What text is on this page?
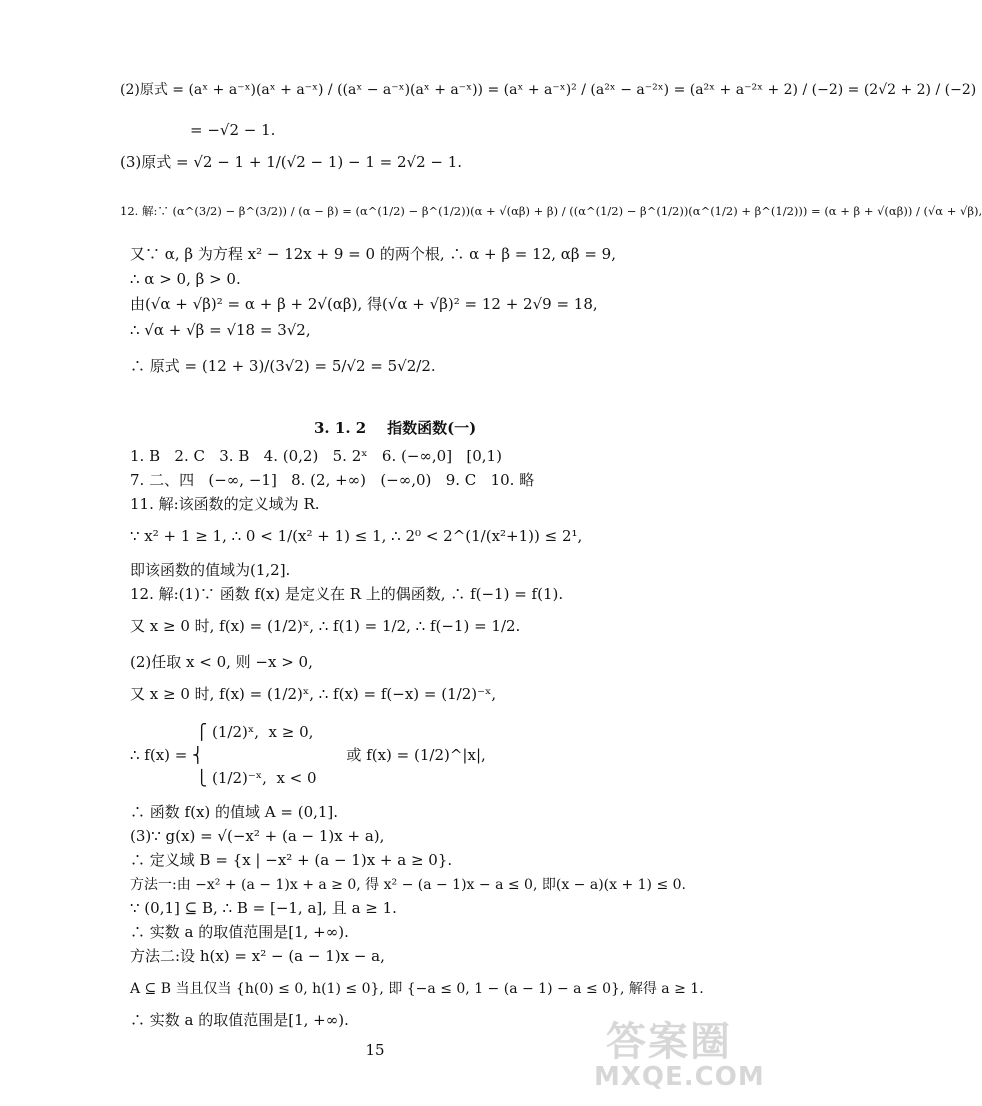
(2)原式 = (aˣ + a⁻ˣ)(aˣ + a⁻ˣ) / ((aˣ − a⁻ˣ)(aˣ + a⁻ˣ)) = (aˣ + a⁻ˣ)² / (a²ˣ − a⁻²ˣ) = (a²ˣ + a⁻²ˣ + 2) / (−2) = (2√2 + 2) / (−2)
= −√2 − 1.
(3)原式 = √2 − 1 + 1/(√2 − 1) − 1 = 2√2 − 1.
12. 解:∵ (α^(3/2) − β^(3/2)) / (α − β) = (α^(1/2) − β^(1/2))(α + √(αβ) + β) / ((α^(1/2) − β^(1/2))(α^(1/2) + β^(1/2))) = (α + β + √(αβ)) / (√α + √β),
又∵ α, β 为方程 x² − 12x + 9 = 0 的两个根, ∴ α + β = 12, αβ = 9,
∴ α > 0, β > 0.
由(√α + √β)² = α + β + 2√(αβ), 得(√α + √β)² = 12 + 2√9 = 18,
∴ √α + √β = √18 = 3√2,
∴ 原式 = (12 + 3)/(3√2) = 5/√2 = 5√2/2.
3. 1. 2    指数函数(一)
1. B   2. C   3. B   4. (0,2)   5. 2ˣ   6. (−∞,0]   [0,1)
7. 二、四   (−∞, −1]   8. (2, +∞)   (−∞,0)   9. C   10. 略
11. 解:该函数的定义域为 R.
∵ x² + 1 ≥ 1, ∴ 0 < 1/(x² + 1) ≤ 1, ∴ 2⁰ < 2^(1/(x²+1)) ≤ 2¹,
即该函数的值域为(1,2].
12. 解:(1)∵ 函数 f(x) 是定义在 R 上的偶函数, ∴ f(−1) = f(1).
又 x ≥ 0 时, f(x) = (1/2)ˣ, ∴ f(1) = 1/2, ∴ f(−1) = 1/2.
(2)任取 x < 0, 则 −x > 0,
又 x ≥ 0 时, f(x) = (1/2)ˣ, ∴ f(x) = f(−x) = (1/2)⁻ˣ,
⎧ (1/2)ˣ,  x ≥ 0,
∴ f(x) = ⎨                              或 f(x) = (1/2)^|x|,
⎩ (1/2)⁻ˣ,  x < 0
∴ 函数 f(x) 的值域 A = (0,1].
(3)∵ g(x) = √(−x² + (a − 1)x + a),
∴ 定义域 B = {x | −x² + (a − 1)x + a ≥ 0}.
方法一:由 −x² + (a − 1)x + a ≥ 0, 得 x² − (a − 1)x − a ≤ 0, 即(x − a)(x + 1) ≤ 0.
∵ (0,1] ⊆ B, ∴ B = [−1, a], 且 a ≥ 1.
∴ 实数 a 的取值范围是[1, +∞).
方法二:设 h(x) = x² − (a − 1)x − a,
A ⊆ B 当且仅当 {h(0) ≤ 0, h(1) ≤ 0}, 即 {−a ≤ 0, 1 − (a − 1) − a ≤ 0}, 解得 a ≥ 1.
∴ 实数 a 的取值范围是[1, +∞).
15	答案圈
MXQE.COM
